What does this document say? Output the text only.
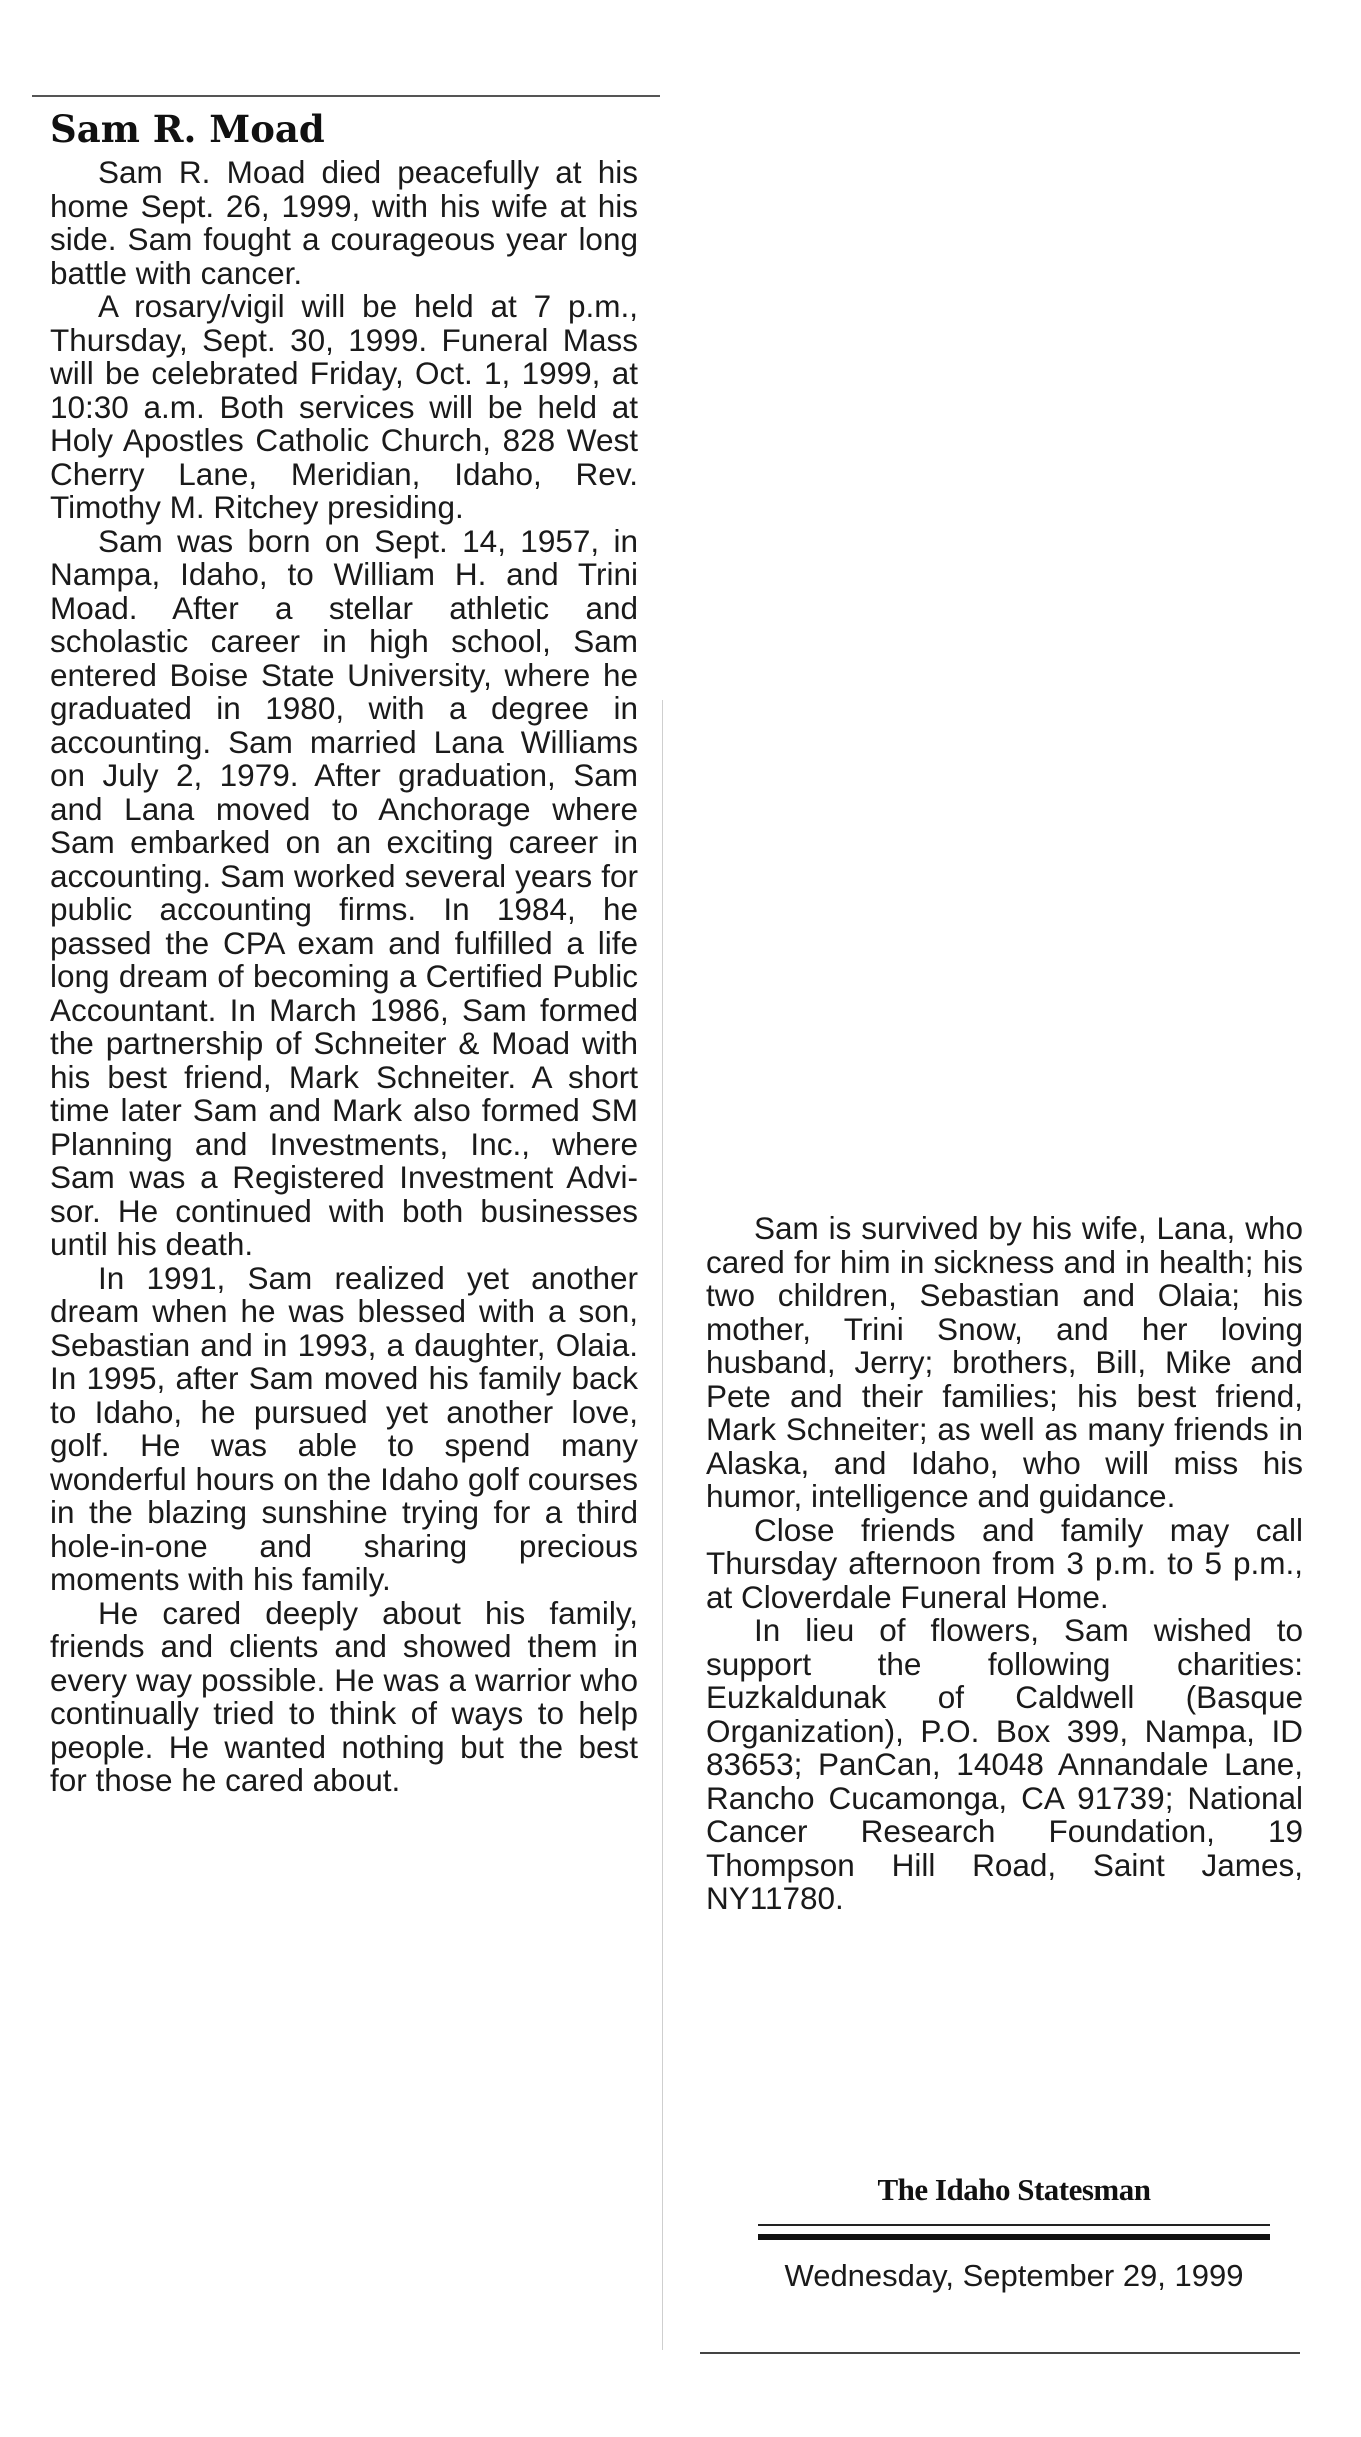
Sam R. Moad

Sam R. Moad died peacefully at his home Sept. 26, 1999, with his wife at his side. Sam fought a courageous year long battle with cancer.

A rosary/vigil will be held at 7 p.m., Thursday, Sept. 30, 1999. Funeral Mass will be celebrated Friday, Oct. 1, 1999, at 10:30 a.m. Both services will be held at Holy Apostles Catholic Church, 828 West Cherry Lane, Meridian, Idaho, Rev. Timothy M. Ritchey presiding.

Sam was born on Sept. 14, 1957, in Nampa, Idaho, to William H. and Trini Moad. After a stellar athletic and scholastic career in high school, Sam entered Boise State University, where he graduated in 1980, with a degree in accounting. Sam married Lana Williams on July 2, 1979. After graduation, Sam and Lana moved to Anchorage where Sam embarked on an exciting career in accounting. Sam worked several years for public accounting firms. In 1984, he passed the CPA exam and fulfilled a life long dream of becoming a Certified Public Accountant. In March 1986, Sam formed the partnership of Schneiter & Moad with his best friend, Mark Schneiter. A short time later Sam and Mark also formed SM Planning and Investments, Inc., where Sam was a Registered Investment Advisor. He continued with both businesses until his death.

In 1991, Sam realized yet another dream when he was blessed with a son, Sebastian and in 1993, a daughter, Olaia. In 1995, after Sam moved his family back to Idaho, he pursued yet another love, golf. He was able to spend many wonderful hours on the Idaho golf courses in the blazing sunshine trying for a third hole-in-one and sharing precious moments with his family.

He cared deeply about his family, friends and clients and showed them in every way possible. He was a warrior who continually tried to think of ways to help people. He wanted nothing but the best for those he cared about.

Sam is survived by his wife, Lana, who cared for him in sickness and in health; his two children, Sebastian and Olaia; his mother, Trini Snow, and her loving husband, Jerry; brothers, Bill, Mike and Pete and their families; his best friend, Mark Schneiter; as well as many friends in Alaska, and Idaho, who will miss his humor, intelligence and guidance.

Close friends and family may call Thursday afternoon from 3 p.m. to 5 p.m., at Cloverdale Funeral Home.

In lieu of flowers, Sam wished to support the following charities: Euzkaldunak of Caldwell (Basque Organization), P.O. Box 399, Nampa, ID 83653; PanCan, 14048 Annandale Lane, Rancho Cucamonga, CA 91739; National Cancer Research Foundation, 19 Thompson Hill Road, Saint James, NY11780.

The Idaho Statesman
Wednesday, September 29, 1999
